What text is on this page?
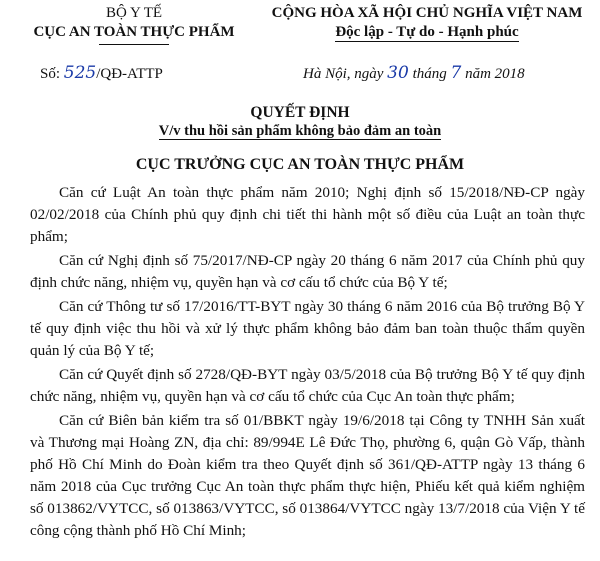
BỘ Y TẾ
CỤC AN TOÀN THỰC PHẨM
CỘNG HÒA XÃ HỘI CHỦ NGHĨA VIỆT NAM
Độc lập - Tự do - Hạnh phúc
Số: 525/QĐ-ATTP	Hà Nội, ngày 30 tháng 7 năm 2018
QUYẾT ĐỊNH
V/v thu hồi sản phẩm không bảo đảm an toàn
CỤC TRƯỞNG CỤC AN TOÀN THỰC PHẨM

Căn cứ Luật An toàn thực phẩm năm 2010; Nghị định số 15/2018/NĐ-CP ngày 02/02/2018 của Chính phủ quy định chi tiết thi hành một số điều của Luật an toàn thực phẩm;

Căn cứ Nghị định số 75/2017/NĐ-CP ngày 20 tháng 6 năm 2017 của Chính phủ quy định chức năng, nhiệm vụ, quyền hạn và cơ cấu tổ chức của Bộ Y tế;

Căn cứ Thông tư số 17/2016/TT-BYT ngày 30 tháng 6 năm 2016 của Bộ trưởng Bộ Y tế quy định việc thu hồi và xử lý thực phẩm không bảo đảm ban toàn thuộc thẩm quyền quản lý của Bộ Y tế;

Căn cứ Quyết định số 2728/QĐ-BYT ngày 03/5/2018 của Bộ trưởng Bộ Y tế quy định chức năng, nhiệm vụ, quyền hạn và cơ cấu tổ chức của Cục An toàn thực phẩm;

Căn cứ Biên bản kiểm tra số 01/BBKT ngày 19/6/2018 tại Công ty TNHH Sản xuất và Thương mại Hoàng ZN, địa chỉ: 89/994E Lê Đức Thọ, phường 6, quận Gò Vấp, thành phố Hồ Chí Minh do Đoàn kiểm tra theo Quyết định số 361/QĐ-ATTP ngày 13 tháng 6 năm 2018 của Cục trưởng Cục An toàn thực phẩm thực hiện, Phiếu kết quả kiểm nghiệm số 013862/VYTCC, số 013863/VYTCC, số 013864/VYTCC ngày 13/7/2018 của Viện Y tế công cộng thành phố Hồ Chí Minh;
